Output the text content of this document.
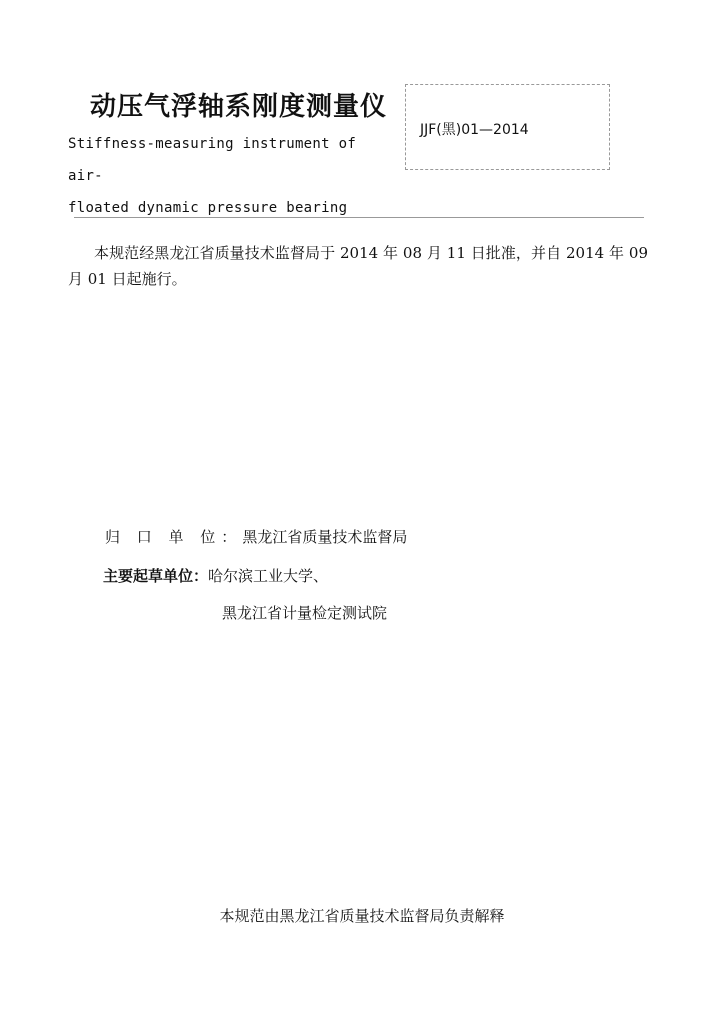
动压气浮轴系刚度测量仪
Stiffness-measuring instrument of air-
floated dynamic pressure bearing
JJF(黑)01—2014
本规范经黑龙江省质量技术监督局于 2014 年 08 月 11 日批准，并自 2014 年 09 月 01 日起施行。
归 口 单 位：黑龙江省质量技术监督局
主要起草单位：哈尔滨工业大学、
黑龙江省计量检定测试院
本规范由黑龙江省质量技术监督局负责解释
